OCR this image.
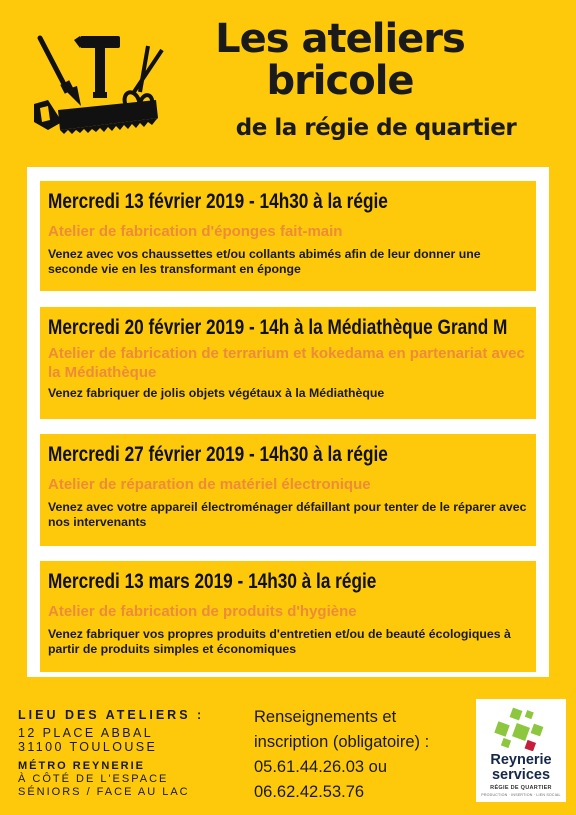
Les ateliers
bricole
de la régie de quartier
Mercredi 13 février 2019 - 14h30 à la régie
Atelier de fabrication d'éponges fait-main
Venez avec vos chaussettes et/ou collants abimés afin de leur donner une seconde vie en les transformant en éponge
Mercredi 20 février 2019 - 14h à la Médiathèque Grand M
Atelier de fabrication de terrarium et kokedama en partenariat avec la Médiathèque
Venez fabriquer de jolis objets végétaux à la Médiathèque
Mercredi 27 février 2019 - 14h30 à la régie
Atelier de réparation de matériel électronique
Venez avec votre appareil électroménager défaillant pour tenter de le réparer avec nos intervenants
Mercredi 13 mars 2019 - 14h30 à la régie
Atelier de fabrication de produits d'hygiène
Venez fabriquer vos propres produits d'entretien et/ou de beauté écologiques à partir de produits simples et économiques
LIEU DES ATELIERS :
12 PLACE ABBAL
31100 TOULOUSE
MÉTRO REYNERIE
À CÔTÉ DE L'ESPACE
SÉNIORS / FACE AU LAC
Renseignements et
inscription (obligatoire) :
05.61.44.26.03 ou
06.62.42.53.76
Reynerie
services
RÉGIE DE QUARTIER
PRODUCTION · INSERTION · LIEN SOCIAL
